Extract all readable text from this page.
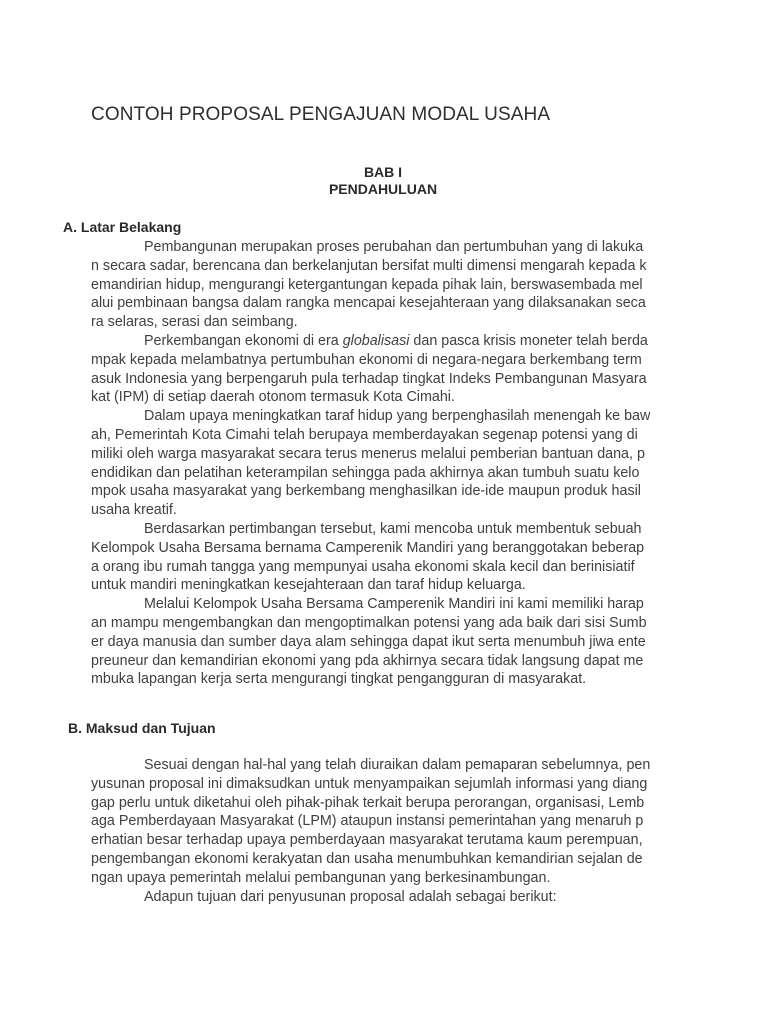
CONTOH PROPOSAL PENGAJUAN MODAL USAHA
BAB I
PENDAHULUAN
A. Latar Belakang
Pembangunan merupakan proses perubahan dan pertumbuhan yang di lakuka
n secara sadar, berencana dan berkelanjutan bersifat multi dimensi mengarah kepada k
emandirian hidup, mengurangi ketergantungan kepada pihak lain, berswasembada mel
alui pembinaan bangsa dalam rangka mencapai kesejahteraan yang dilaksanakan seca
ra selaras, serasi dan seimbang.
Perkembangan ekonomi di era globalisasi dan pasca krisis moneter telah berda
mpak kepada melambatnya pertumbuhan ekonomi di negara-negara berkembang term
asuk Indonesia yang berpengaruh pula terhadap tingkat Indeks Pembangunan Masyara
kat (IPM) di setiap daerah otonom termasuk Kota Cimahi.
Dalam upaya meningkatkan taraf hidup yang berpenghasilah menengah ke baw
ah, Pemerintah Kota Cimahi telah berupaya memberdayakan segenap potensi yang di
miliki oleh warga masyarakat secara terus menerus melalui pemberian bantuan dana, p
endidikan dan pelatihan keterampilan sehingga pada akhirnya akan tumbuh suatu kelo
mpok usaha masyarakat yang berkembang menghasilkan ide-ide maupun produk hasil
usaha kreatif.
Berdasarkan pertimbangan tersebut, kami mencoba untuk membentuk sebuah
Kelompok Usaha Bersama bernama Camperenik Mandiri yang beranggotakan beberap
a orang ibu rumah tangga yang mempunyai usaha ekonomi skala kecil dan berinisiatif
untuk mandiri meningkatkan kesejahteraan dan taraf hidup keluarga.
Melalui Kelompok Usaha Bersama Camperenik Mandiri ini kami memiliki harap
an mampu mengembangkan dan mengoptimalkan potensi yang ada baik dari sisi Sumb
er daya manusia dan sumber daya alam sehingga dapat ikut serta menumbuh jiwa ente
preuneur dan kemandirian ekonomi yang pda akhirnya secara tidak langsung dapat me
mbuka lapangan kerja serta mengurangi tingkat pengangguran di masyarakat.
B. Maksud dan Tujuan
Sesuai dengan hal-hal yang telah diuraikan dalam pemaparan sebelumnya, pen
yusunan proposal ini dimaksudkan untuk menyampaikan sejumlah informasi yang diang
gap perlu untuk diketahui oleh pihak-pihak terkait berupa perorangan, organisasi, Lemb
aga Pemberdayaan Masyarakat (LPM) ataupun instansi pemerintahan yang menaruh p
erhatian besar terhadap upaya pemberdayaan masyarakat terutama kaum perempuan,
pengembangan ekonomi kerakyatan dan usaha menumbuhkan kemandirian sejalan de
ngan upaya pemerintah melalui pembangunan yang berkesinambungan.
Adapun tujuan dari penyusunan proposal adalah sebagai berikut:
